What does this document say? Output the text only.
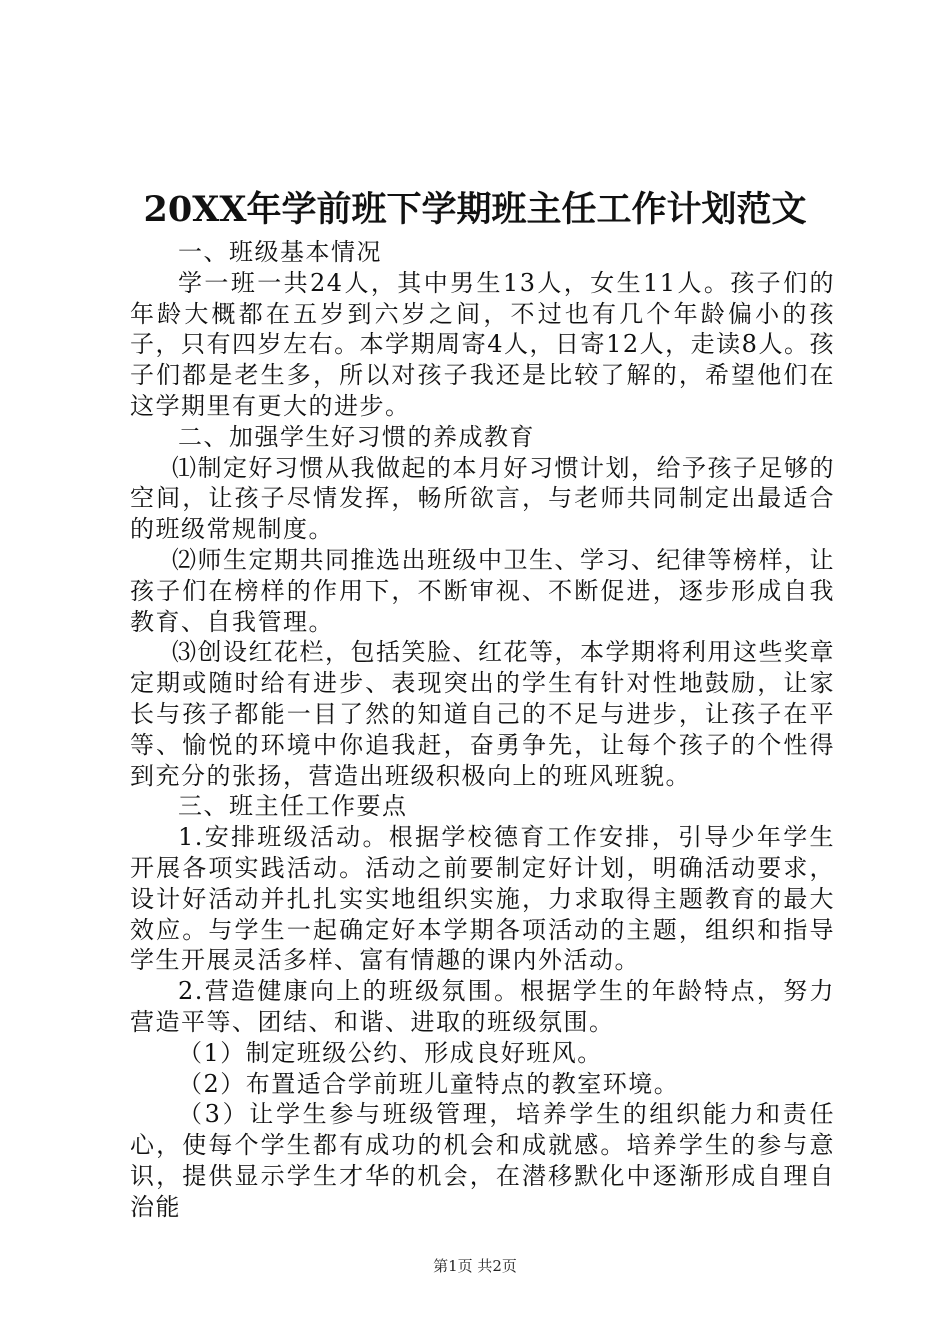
20XX年学前班下学期班主任工作计划范文

一、班级基本情况

学一班一共24人，其中男生13人，女生11人。孩子们的年龄大概都在五岁到六岁之间，不过也有几个年龄偏小的孩子，只有四岁左右。本学期周寄4人，日寄12人，走读8人。孩子们都是老生多，所以对孩子我还是比较了解的，希望他们在这学期里有更大的进步。

二、加强学生好习惯的养成教育

⑴制定好习惯从我做起的本月好习惯计划，给予孩子足够的空间，让孩子尽情发挥，畅所欲言，与老师共同制定出最适合的班级常规制度。

⑵师生定期共同推选出班级中卫生、学习、纪律等榜样，让孩子们在榜样的作用下，不断审视、不断促进，逐步形成自我教育、自我管理。

⑶创设红花栏，包括笑脸、红花等，本学期将利用这些奖章定期或随时给有进步、表现突出的学生有针对性地鼓励，让家长与孩子都能一目了然的知道自己的不足与进步，让孩子在平等、愉悦的环境中你追我赶，奋勇争先，让每个孩子的个性得到充分的张扬，营造出班级积极向上的班风班貌。

三、班主任工作要点

1.安排班级活动。根据学校德育工作安排，引导少年学生开展各项实践活动。活动之前要制定好计划，明确活动要求，设计好活动并扎扎实实地组织实施，力求取得主题教育的最大效应。与学生一起确定好本学期各项活动的主题，组织和指导学生开展灵活多样、富有情趣的课内外活动。

2.营造健康向上的班级氛围。根据学生的年龄特点，努力营造平等、团结、和谐、进取的班级氛围。

（1）制定班级公约、形成良好班风。

（2）布置适合学前班儿童特点的教室环境。

（3）让学生参与班级管理，培养学生的组织能力和责任心，使每个学生都有成功的机会和成就感。培养学生的参与意识，提供显示学生才华的机会，在潜移默化中逐渐形成自理自治能

第1页 共2页
